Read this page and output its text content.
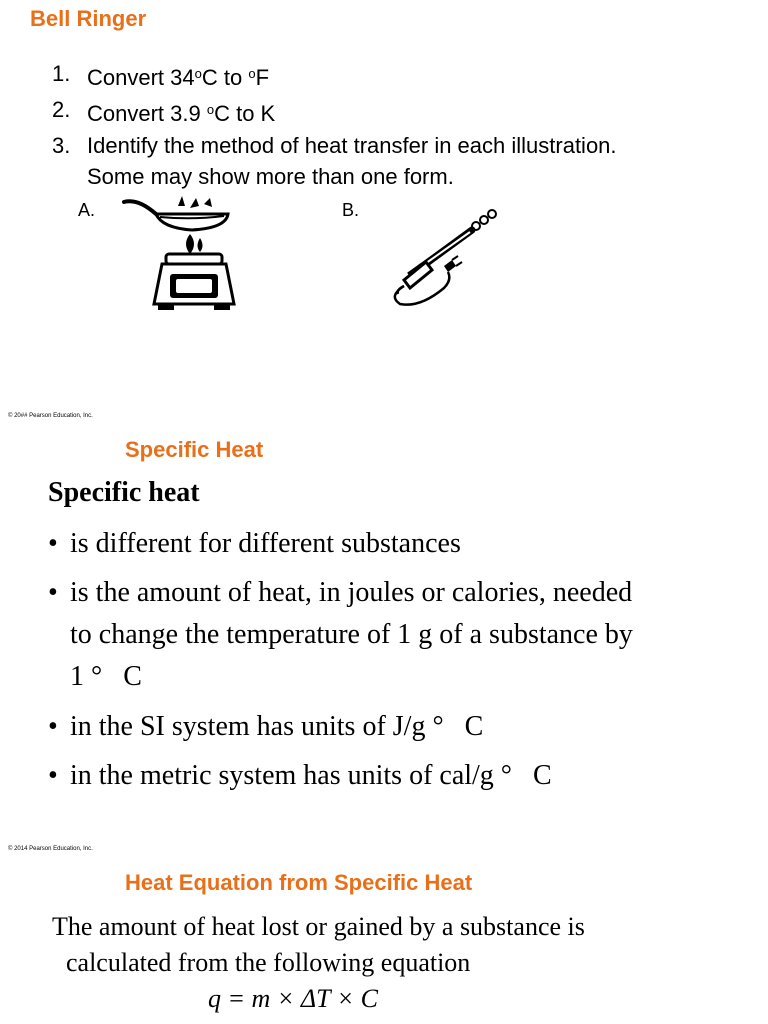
Bell Ringer
1. Convert 34$^o$C to $^o$F
2. Convert 3.9 $^o$C to K
3. Identify the method of heat transfer in each illustration.
Some may show more than one form.
A.	B.
© 20## Pearson Education, Inc.
Specific Heat
Specific heat
• is different for different substances
• is the amount of heat, in joules or calories, needed
to change the temperature of 1 g of a substance by
1 °   C
• in the SI system has units of J/g °   C
• in the metric system has units of cal/g °   C
© 2014 Pearson Education, Inc.
Heat Equation from Specific Heat
The amount of heat lost or gained by a substance is
calculated from the following equation
q = m × ΔT × C
